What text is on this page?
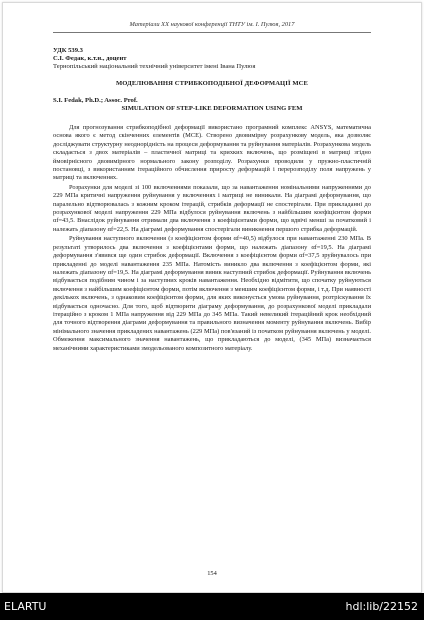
Матеріали XX наукової конференції ТНТУ ім. І. Пулюя, 2017
УДК 539.3
С.І. Федак, к.т.н., доцент
Тернопільський національний технічний університет імені Івана Пулюя
МОДЕЛЮВАННЯ СТРИБКОПОДІБНОЇ ДЕФОРМАЦІЇ МСЕ
S.I. Fedak, Ph.D.; Assoc. Prof.
SIMULATION OF STEP-LIKE DEFORMATION USING FEM

Для прогнозування стрибкоподібної деформації використано програмний комплекс ANSYS, математична основа якого є метод скінченних елементів (МСЕ). Створено двовимірну розрахункову модель, яка дозволяє досліджувати структурну неоднорідність на процеси деформування та руйнування матеріалів. Розрахункова модель складається з двох матеріалів – пластичної матриці та крихких включень, що розміщені в матриці згідно ймовірнісного двовимірного нормального закону розподілу. Розрахунки проводили у пружно-пластичній постановці, з використанням ітераційного обчислення приросту деформацій і перерозподілу поля напружень у матриці та включеннях.

Розрахунки для моделі зі 100 включеннями показали, що за навантаження номінальними напруженнями до 229 МПа критичні напруження руйнування у включеннях і матриці не виникали. На діаграмі деформування, що паралельно відтворювалась з кожним кроком ітерацій, стрибків деформації не спостерігали. При прикладанні до розрахункової моделі напруження 229 МПа відбулося руйнування включень з найбільшим коефіцієнтом форми αf=43,5. Внаслідок руйнування отримали два включення з коефіцієнтами форми, що вдвічі менші за початковий і належать діапазону αf=22,5. На діаграмі деформування спостерігали виникнення першого стрибка деформацій.

Руйнування наступного включення (з коефіцієнтом форми αf=40,5) відбулося при навантаженні 230 МПа. В результаті утворилось два включення з коефіцієнтами форми, що належать діапазону αf=19,5. На діаграмі деформування з'явився ще один стрибок деформації. Включення з коефіцієнтом форми αf=37,5 зруйнувалось при прикладенні до моделі навантаження 235 МПа. Натомість виникло два включення з коефіцієнтом форми, які належать діапазону αf=19,5. На діаграмі деформування виник наступний стрибок деформації. Руйнування включень відбувається подібним чином і за наступних кроків навантаження. Необхідно відмітити, що спочатку руйнуються включення з найбільшим коефіцієнтом форми, потім включення з меншим коефіцієнтом форми, і т.д. При наявності декількох включень, з однаковим коефіцієнтом форми, для яких виконується умова руйнування, розтріскування їх відбувається одночасно. Для того, щоб відтворити діаграму деформування, до розрахункової моделі прикладали ітераційно з кроком 1 МПа напруження від 229 МПа до 345 МПа. Такий невеликий ітераційний крок необхідний для точного відтворення діаграми деформування та правильного визначення моменту руйнування включень. Вибір мінімального значення прикладених навантажень (229 МПа) пов'язаний із початком руйнування включень у моделі. Обмеження максимального значення навантажень, що прикладаються до моделі, (345 МПа) визначається механічними характеристиками змодельованого композитного матеріалу.

154
ELARTU	hdl:lib/22152
